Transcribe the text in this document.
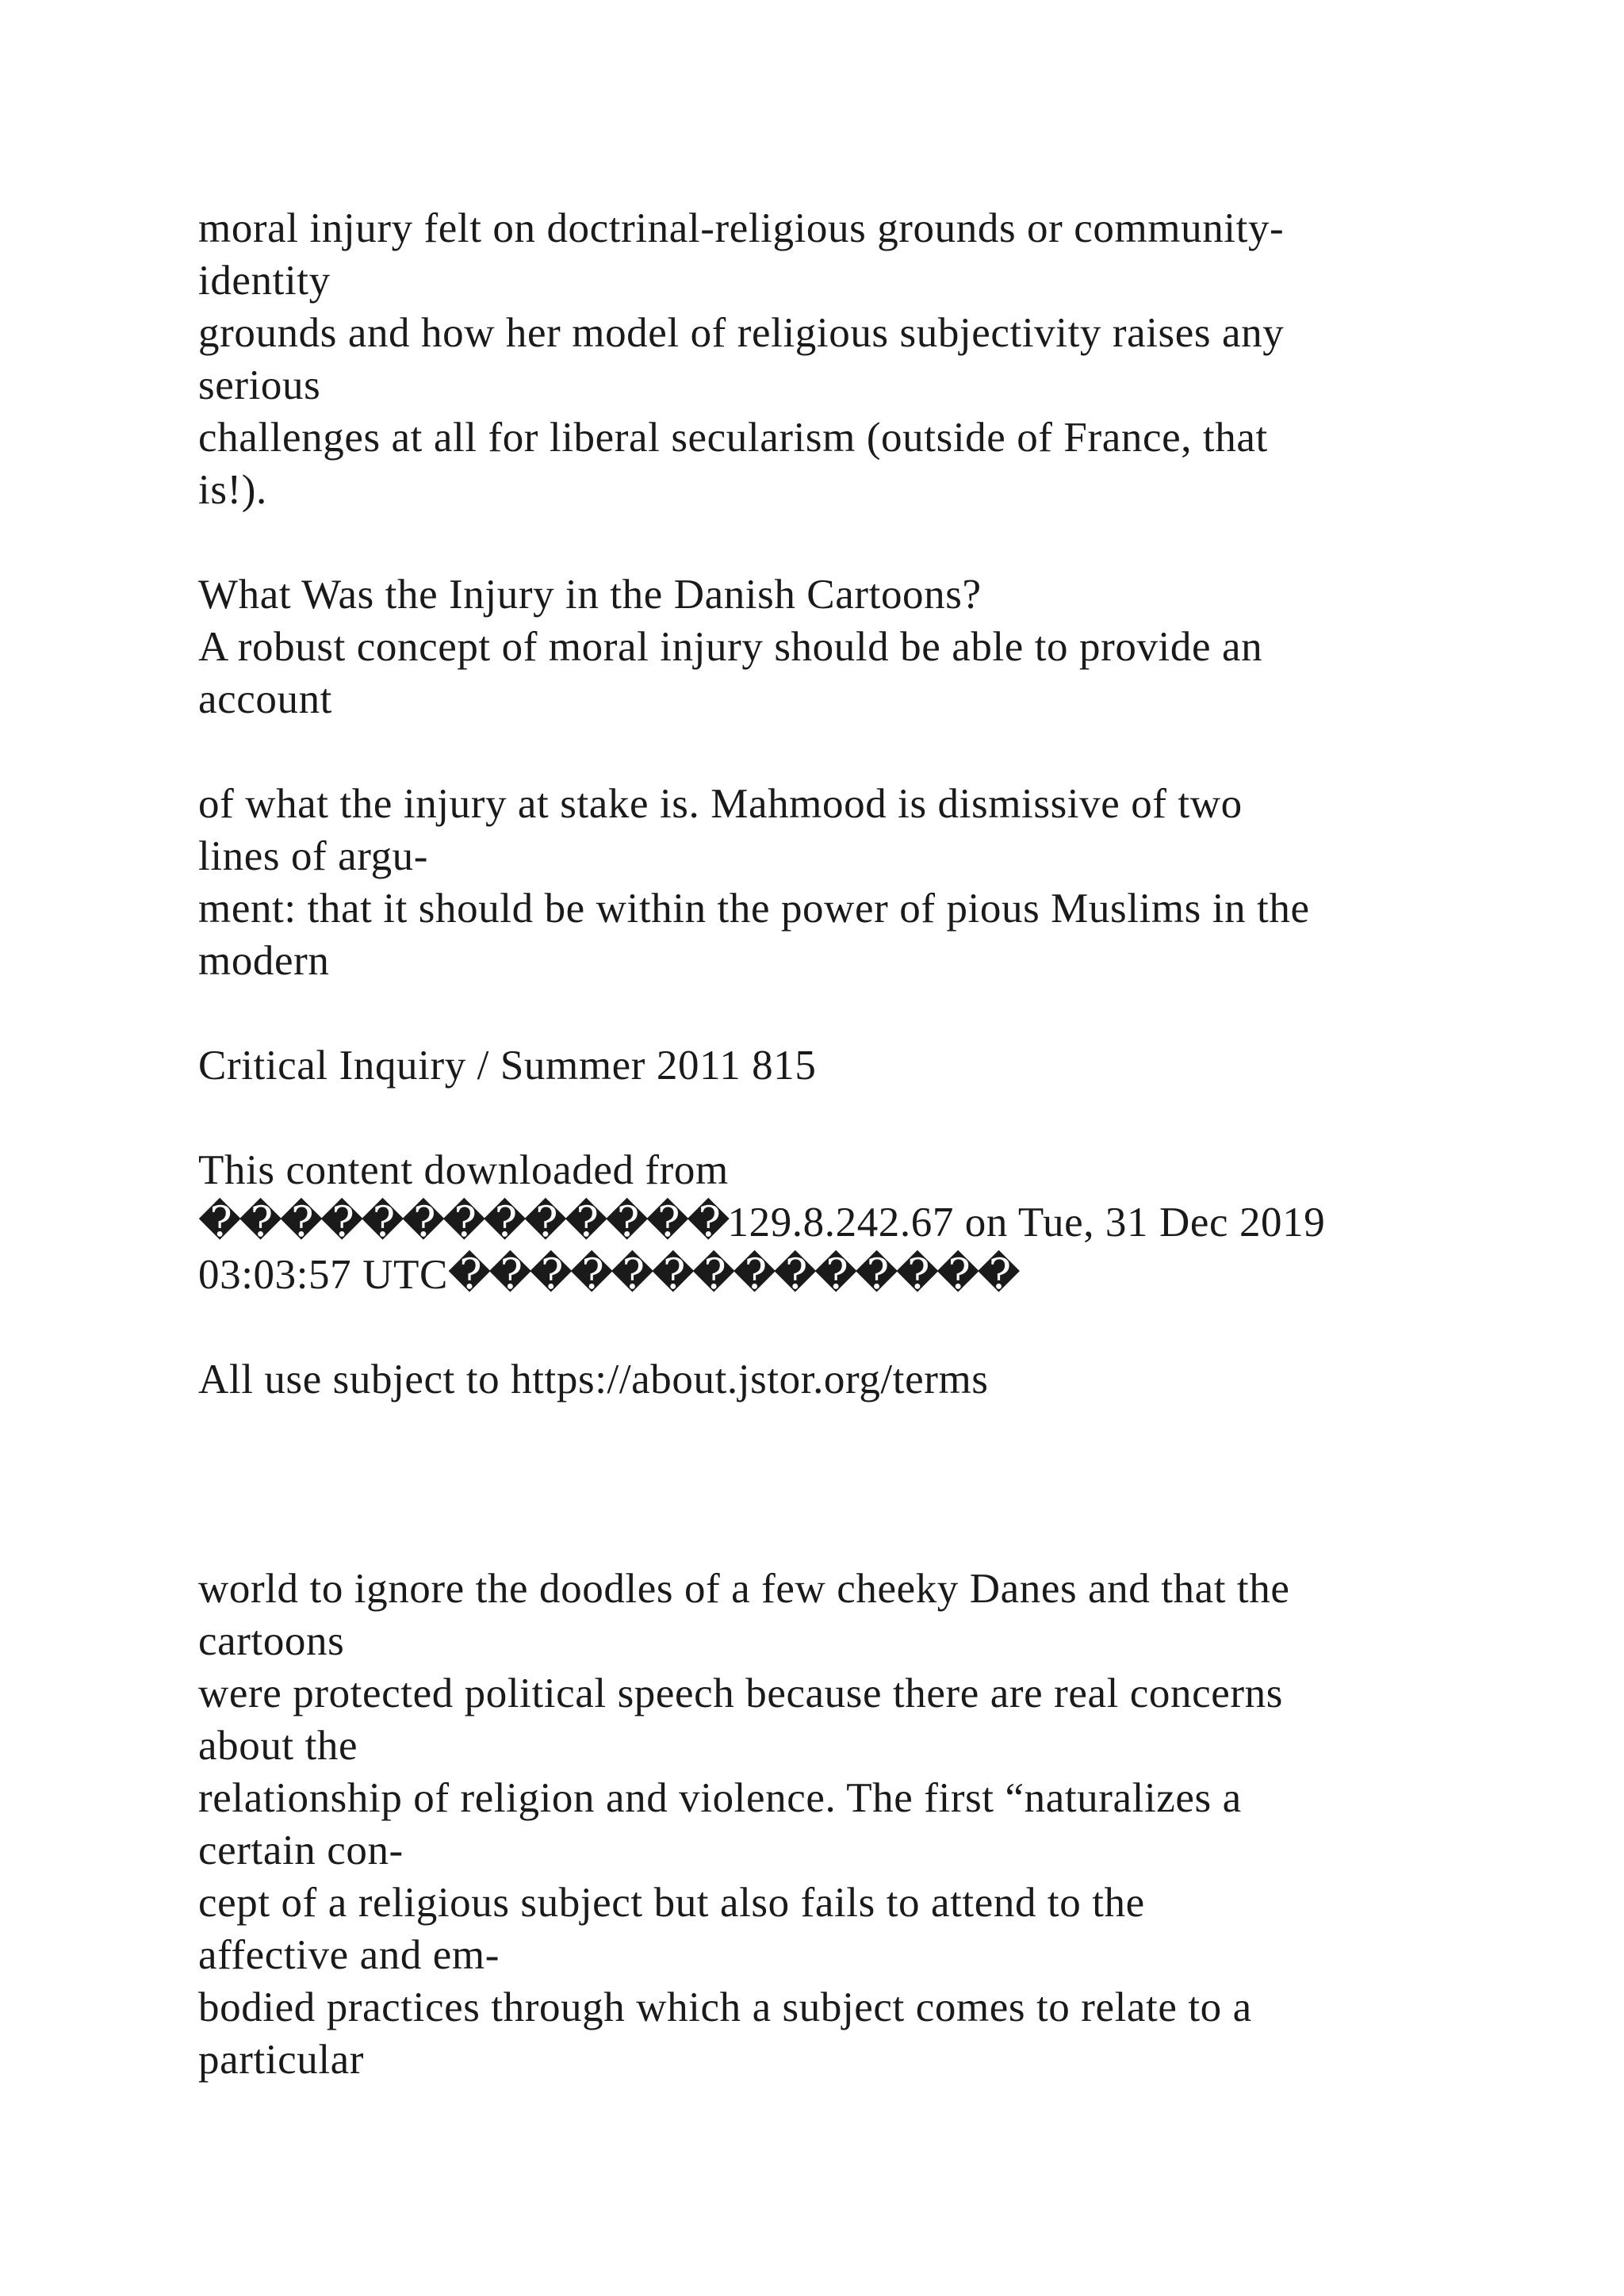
moral injury felt on doctrinal-religious grounds or community-
identity
grounds and how her model of religious subjectivity raises any
serious
challenges at all for liberal secularism (outside of France, that
is!).
What Was the Injury in the Danish Cartoons?
A robust concept of moral injury should be able to provide an
account
of what the injury at stake is. Mahmood is dismissive of two
lines of argu-
ment: that it should be within the power of pious Muslims in the
modern
Critical Inquiry / Summer 2011 815
This content downloaded from
�������������129.8.242.67 on Tue, 31 Dec 2019
03:03:57 UTC��������������
All use subject to https://about.jstor.org/terms
world to ignore the doodles of a few cheeky Danes and that the
cartoons
were protected political speech because there are real concerns
about the
relationship of religion and violence. The first “naturalizes a
certain con-
cept of a religious subject but also fails to attend to the
affective and em-
bodied practices through which a subject comes to relate to a
particular
